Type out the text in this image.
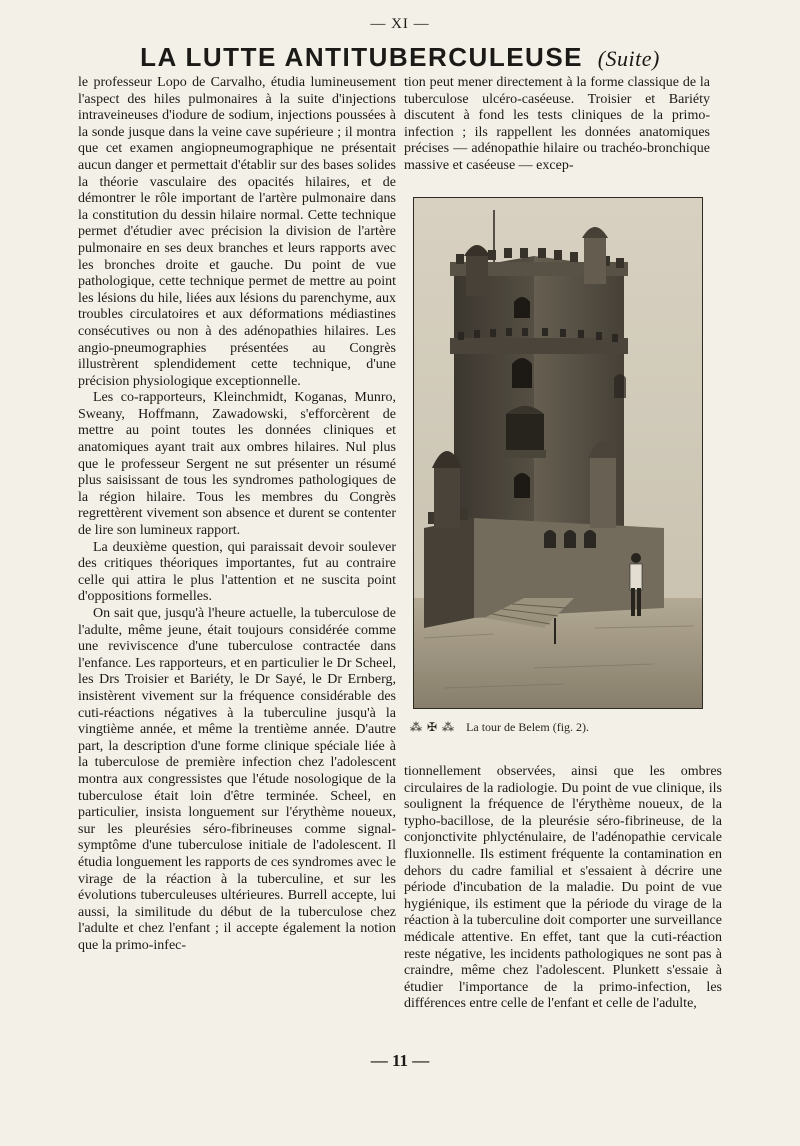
— XI —
LA LUTTE ANTITUBERCULEUSE (Suite)

le professeur Lopo de Carvalho, étudia lumineusement l'aspect des hiles pulmonaires à la suite d'injections intraveineuses d'iodure de sodium, injections poussées à la sonde jusque dans la veine cave supérieure ; il montra que cet examen angiopneumographique ne présentait aucun danger et permettait d'établir sur des bases solides la théorie vasculaire des opacités hilaires, et de démontrer le rôle important de l'artère pulmonaire dans la constitution du dessin hilaire normal. Cette technique permet d'étudier avec précision la division de l'artère pulmonaire en ses deux branches et leurs rapports avec les bronches droite et gauche. Du point de vue pathologique, cette technique permet de mettre au point les lésions du hile, liées aux lésions du parenchyme, aux troubles circulatoires et aux déformations médiastines consécutives ou non à des adénopathies hilaires. Les angio-pneumographies présentées au Congrès illustrèrent splendidement cette technique, d'une précision physiologique exceptionnelle.

Les co-rapporteurs, Kleinchmidt, Koganas, Munro, Sweany, Hoffmann, Zawadowski, s'efforcèrent de mettre au point toutes les données cliniques et anatomiques ayant trait aux ombres hilaires. Nul plus que le professeur Sergent ne sut présenter un résumé plus saisissant de tous les syndromes pathologiques de la région hilaire. Tous les membres du Congrès regrettèrent vivement son absence et durent se contenter de lire son lumineux rapport.

La deuxième question, qui paraissait devoir soulever des critiques théoriques importantes, fut au contraire celle qui attira le plus l'attention et ne suscita point d'oppositions formelles.

On sait que, jusqu'à l'heure actuelle, la tuberculose de l'adulte, même jeune, était toujours considérée comme une reviviscence d'une tuberculose contractée dans l'enfance. Les rapporteurs, et en particulier le Dr Scheel, les Drs Troisier et Bariéty, le Dr Sayé, le Dr Ernberg, insistèrent vivement sur la fréquence considérable des cuti-réactions négatives à la tuberculine jusqu'à la vingtième année, et même la trentième année. D'autre part, la description d'une forme clinique spéciale liée à la tuberculose de première infection chez l'adolescent montra aux congressistes que l'étude nosologique de la tuberculose était loin d'être terminée. Scheel, en particulier, insista longuement sur l'érythème noueux, sur les pleurésies séro-fibrineuses comme signal-symptôme d'une tuberculose initiale de l'adolescent. Il étudia longuement les rapports de ces syndromes avec le virage de la réaction à la tuberculine, et sur les évolutions tuberculeuses ultérieures. Burrell accepte, lui aussi, la similitude du début de la tuberculose chez l'adulte et chez l'enfant ; il accepte également la notion que la primo-infec-

tion peut mener directement à la forme classique de la tuberculose ulcéro-caséeuse. Troisier et Bariéty discutent à fond les tests cliniques de la primo-infection ; ils rappellent les données anatomiques précises — adénopathie hilaire ou trachéo-bronchique massive et caséeuse — excep-

⁂ ✠ ⁂ La tour de Belem (fig. 2).

tionnellement observées, ainsi que les ombres circulaires de la radiologie. Du point de vue clinique, ils soulignent la fréquence de l'érythème noueux, de la typho-bacillose, de la pleurésie séro-fibrineuse, de la conjonctivite phlycténulaire, de l'adénopathie cervicale fluxionnelle. Ils estiment fréquente la contamination en dehors du cadre familial et s'essaient à décrire une période d'incubation de la maladie. Du point de vue hygiénique, ils estiment que la période du virage de la réaction à la tuberculine doit comporter une surveillance médicale attentive. En effet, tant que la cuti-réaction reste négative, les incidents pathologiques ne sont pas à craindre, même chez l'adolescent. Plunkett s'essaie à étudier l'importance de la primo-infection, les différences entre celle de l'enfant et celle de l'adulte,

— 11 —
